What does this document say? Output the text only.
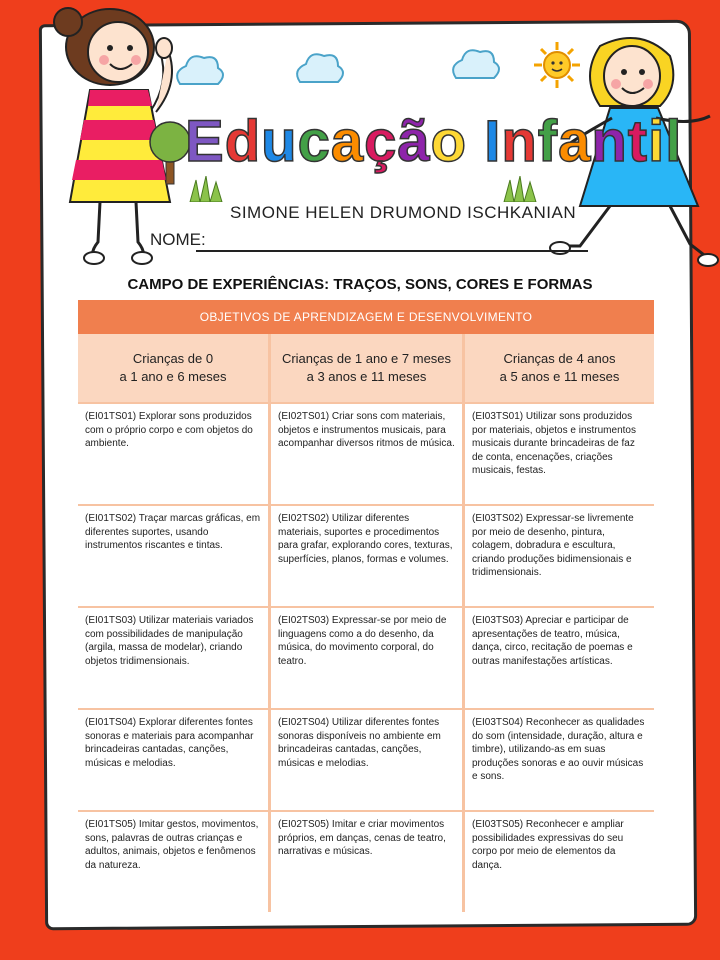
Educação Infantil
SIMONE HELEN DRUMOND ISCHKANIAN
NOME:
CAMPO DE EXPERIÊNCIAS: TRAÇOS, SONS, CORES E FORMAS
OBJETIVOS DE APRENDIZAGEM E DESENVOLVIMENTO
Crianças de 0
a 1 ano e 6 meses
Crianças de 1 ano e 7 meses
a 3 anos e 11 meses
Crianças de 4 anos
a 5 anos e 11 meses
(EI01TS01) Explorar sons produzidos com o próprio corpo e com objetos do ambiente.
(EI02TS01) Criar sons com materiais, objetos e instrumentos musicais, para acompanhar diversos ritmos de música.
(EI03TS01) Utilizar sons produzidos por materiais, objetos e instrumentos musicais durante brincadeiras de faz de conta, encenações, criações musicais, festas.
(EI01TS02) Traçar marcas gráficas, em diferentes suportes, usando instrumentos riscantes e tintas.
(EI02TS02) Utilizar diferentes materiais, suportes e procedimentos para grafar, explorando cores, texturas, superfícies, planos, formas e volumes.
(EI03TS02) Expressar-se livremente por meio de desenho, pintura, colagem, dobradura e escultura, criando produções bidimensionais e tridimensionais.
(EI01TS03) Utilizar materiais variados com possibilidades de manipulação (argila, massa de modelar), criando objetos tridimensionais.
(EI02TS03) Expressar-se por meio de linguagens como a do desenho, da música, do movimento corporal, do teatro.
(EI03TS03) Apreciar e participar de apresentações de teatro, música, dança, circo, recitação de poemas e outras manifestações artísticas.
(EI01TS04) Explorar diferentes fontes sonoras e materiais para acompanhar brincadeiras cantadas, canções, músicas e melodias.
(EI02TS04) Utilizar diferentes fontes sonoras disponíveis no ambiente em brincadeiras cantadas, canções, músicas e melodias.
(EI03TS04) Reconhecer as qualidades do som (intensidade, duração, altura e timbre), utilizando-as em suas produções sonoras e ao ouvir músicas e sons.
(EI01TS05) Imitar gestos, movimentos, sons, palavras de outras crianças e adultos, animais, objetos e fenômenos da natureza.
(EI02TS05) Imitar e criar movimentos próprios, em danças, cenas de teatro, narrativas e músicas.
(EI03TS05) Reconhecer e ampliar possibilidades expressivas do seu corpo por meio de elementos da dança.
